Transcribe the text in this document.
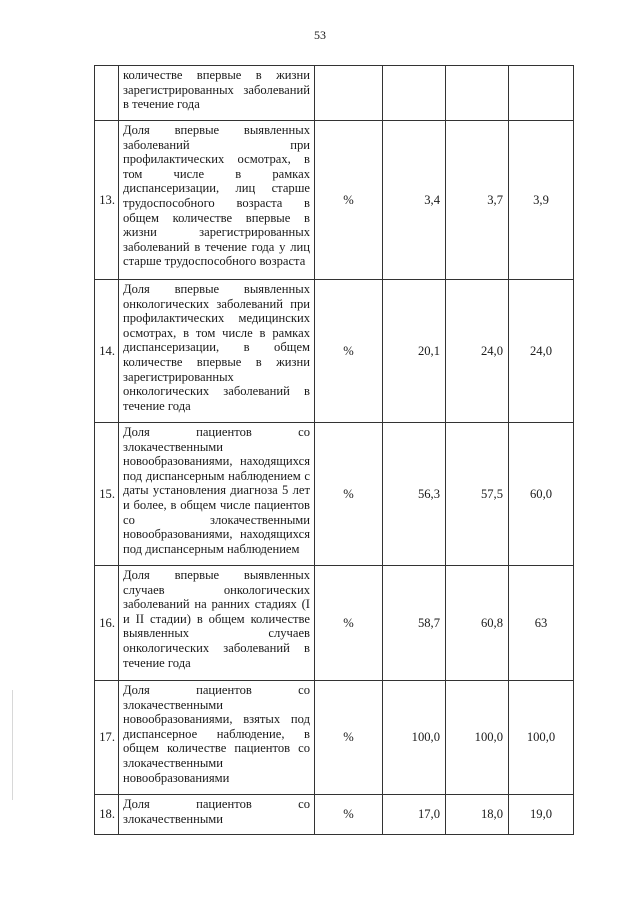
53
	количестве впервые в жизни зарегистрированных заболеваний в течение года				
13.	Доля впервые выявленных заболеваний при профилактических осмотрах, в том числе в рамках диспансеризации, лиц старше трудоспособного возраста в общем количестве впервые в жизни зарегистрированных заболеваний в течение года у лиц старше трудоспособного возраста	%	3,4	3,7	3,9
14.	Доля впервые выявленных онкологических заболеваний при профилактических медицинских осмотрах, в том числе в рамках диспансеризации, в общем количестве впервые в жизни зарегистрированных онкологических заболеваний в течение года	%	20,1	24,0	24,0
15.	Доля пациентов со злокачественными новообразованиями, находящихся под диспансерным наблюдением с даты установления диагноза 5 лет и более, в общем числе пациентов со злокачественными новообразованиями, находящихся под диспансерным наблюдением	%	56,3	57,5	60,0
16.	Доля впервые выявленных случаев онкологических заболеваний на ранних стадиях (I и II стадии) в общем количестве выявленных случаев онкологических заболеваний в течение года	%	58,7	60,8	63
17.	Доля пациентов со злокачественными новообразованиями, взятых под диспансерное наблюдение, в общем количестве пациентов со злокачественными новообразованиями	%	100,0	100,0	100,0
18.	Доля пациентов со злокачественными	%	17,0	18,0	19,0
